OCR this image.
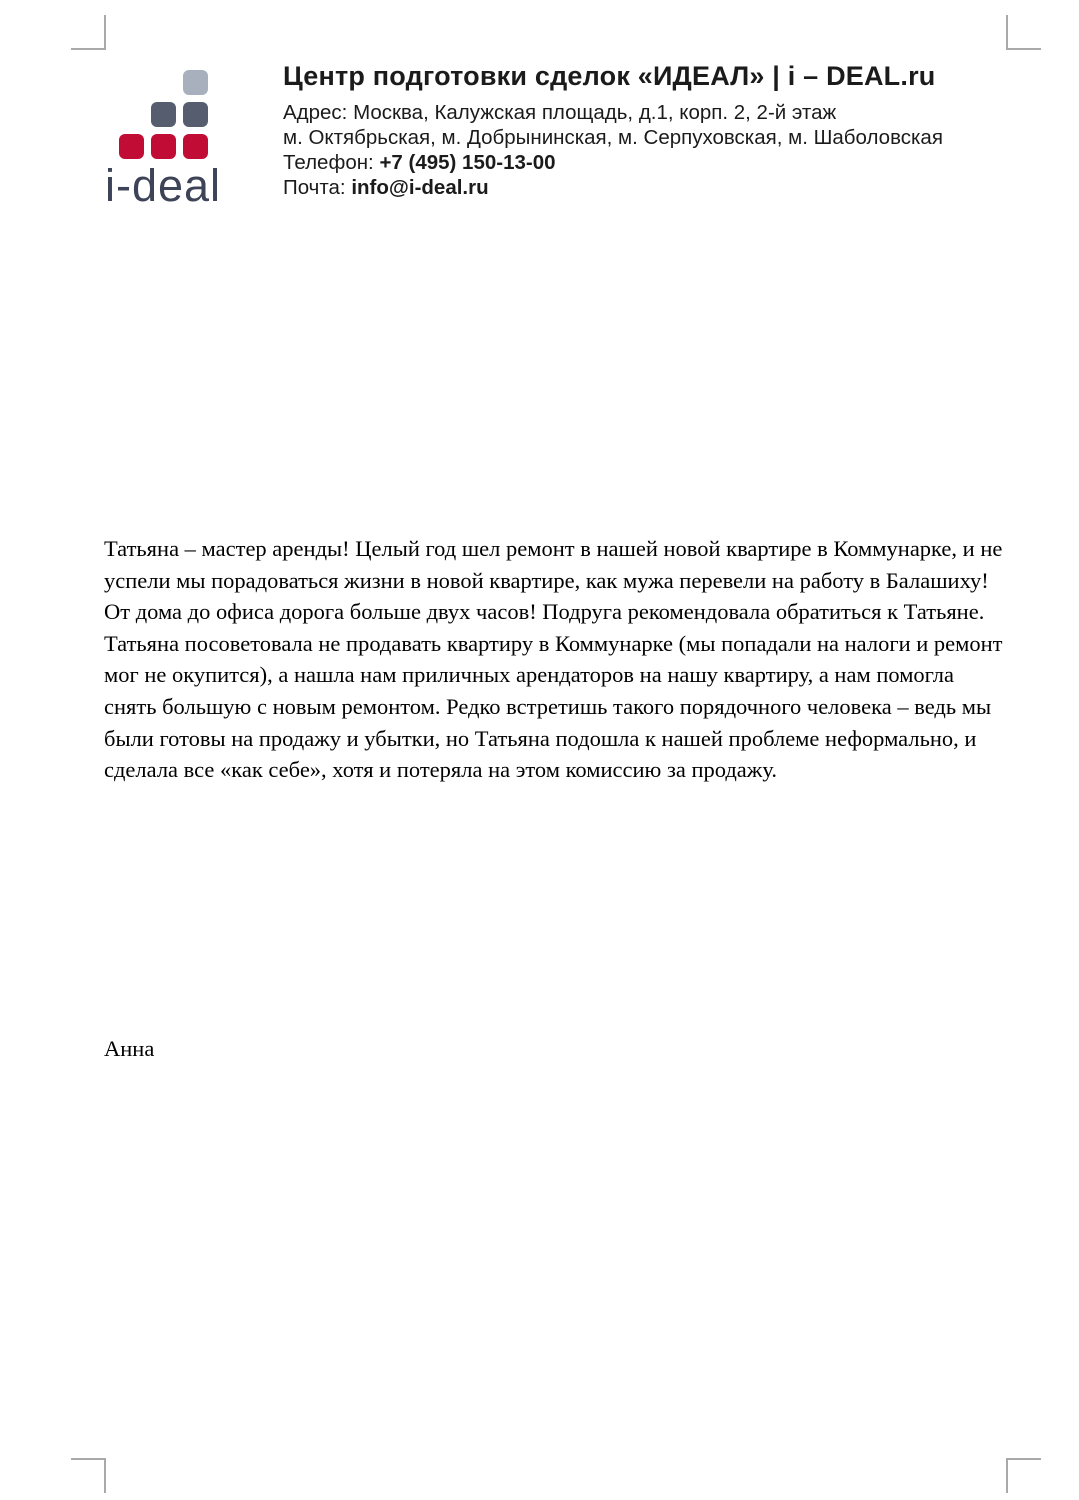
i-deal
Центр подготовки сделок «ИДЕАЛ» | i – DEAL.ru
Адрес: Москва, Калужская площадь, д.1, корп. 2, 2-й этаж
м. Октябрьская, м. Добрынинская, м. Серпуховская, м. Шаболовская
Телефон: +7 (495) 150-13-00
Почта: info@i-deal.ru
Татьяна – мастер аренды! Целый год шел ремонт в нашей новой квартире в Коммунарке, и не успели мы порадоваться жизни в новой квартире, как мужа перевели на работу в Балашиху! От дома до офиса дорога больше двух часов! Подруга рекомендовала обратиться к Татьяне. Татьяна посоветовала не продавать квартиру в Коммунарке (мы попадали на налоги и ремонт мог не окупится), а нашла нам приличных арендаторов на нашу квартиру, а нам помогла снять большую с новым ремонтом. Редко встретишь такого порядочного человека – ведь мы были готовы на продажу и убытки, но Татьяна подошла к нашей проблеме неформально, и сделала все «как себе», хотя и потеряла на этом комиссию за продажу.
Анна
